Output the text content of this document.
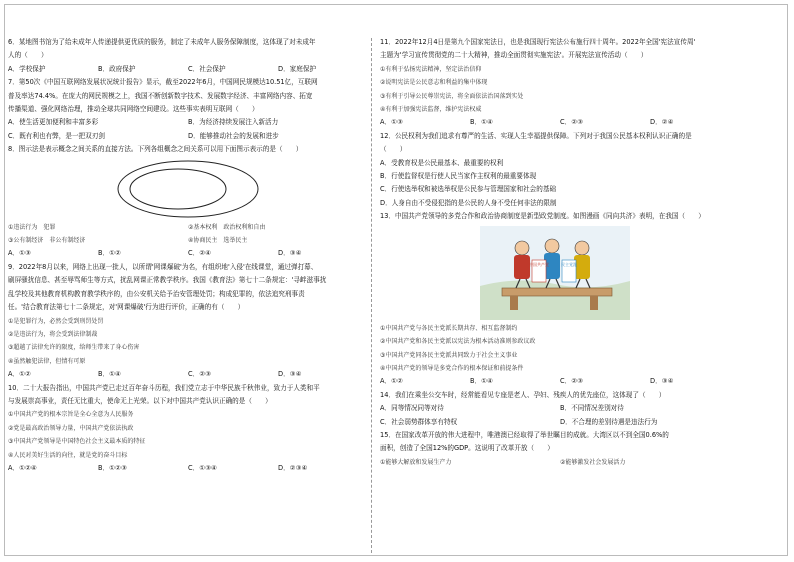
6．某地图书馆为了给未成年人传递提供更优质的服务，制定了未成年人服务保障制度，这体现了对未成年

人的（　　）

A．学校保护	B．政府保护	C．社会保护	D．家庭保护

7．第50次《中国互联网络发展状况统计报告》显示，截至2022年6月，中国网民规模达10.51亿，互联网

普及率达74.4%。在庞大的网民规模之上，我国不断创新数字技术、发展数字经济、丰富网络内容、拓宽

传播渠道、强化网络治理，推动全球共同网络空间建设。这些事实表明互联网（　　）

A．使生活更加便利和丰富多彩	B．为经济持续发展注入新活力
C．既有利也有弊，是一把双刃剑	D．能够推动社会的发展和进步

8．图示法是表示概念之间关系的直接方法。下列各组概念之间关系可以用下面图示表示的是（　　）

①违法行为　犯罪	②基本权利　政治权利和自由
③公有制经济　非公有制经济	④协商民主　选举民主
A．①③	B．①②	C．②④	D．③④

9．2022年8月以来，网络上出现一批人，以所谓'网课爆破'为名，有组织地'入侵'在线课堂，通过弹打幕、

刷屏骚扰信息、甚至辱骂师生等方式，扰乱网课正常教学秩序。我国《教育法》第七十二条规定：'寻衅滋事扰

乱学校及其他教育机构教育教学秩序的，由公安机关给予治安管理处罚；构成犯罪的，依法追究刑事责

任。'结合教育法第七十二条规定，对'网课爆破'行为进行评价，正确的有（　　）

①是犯罪行为，必然会受到刑罚处罚

②是违法行为，将会受到法律制裁

③超越了法律允许的限度，给师生带来了身心伤害

④虽然触犯法律，但情有可原

A．①②	B．①④	C．②③	D．③④

10．二十大报告指出，中国共产党已走过百年奋斗历程，我们党立志于中华民族千秋伟业，致力于人类和平

与发展崇高事业，责任无比重大，使命无上光荣。以下对中国共产党认识正确的是（　　）

①中国共产党的根本宗旨是全心全意为人民服务

②党是最高政治领导力量，中国共产党依法执政

③中国共产党领导是中国特色社会主义最本质的特征

④人民对美好生活的向往，就是党的奋斗目标

A．①②④	B．①②③	C．①③④	D．②③④

11．2022年12月4日是第九个国家宪法日，也是我国现行宪法公布施行四十周年。2022年全国'宪法宣传周'

主题为'学习宣传贯彻党的二十大精神，推动全面贯彻实施宪法'。开展宪法宣传活动（　　）

①有利于弘扬宪法精神，坚定法治信仰

②说明宪法是公民意志和利益的集中体现

③有利于引导公民尊崇宪法，将全面依法治国落到实处

④有利于加强宪法监督，维护宪法权威

A．①③	B．①④	C．②③	D．②④

12．公民权利为我们追求有尊严的生活、实现人生幸福提供保障。下列对于我国公民基本权利认识正确的是

（　　）

A．受教育权是公民最基本、最重要的权利

B．行使监督权是行使人民当家作主权利的最重要体现

C．行使选举权和被选举权是公民参与管理国家和社会的基础

D．人身自由不受侵犯指的是公民的人身不受任何非法的限制

13．中国共产党领导的多党合作和政治协商制度是新型政党制度。如图漫画《同向共济》表明，在我国（　　）

中国共产党	民主党派

①中国共产党与各民主党派长期共存、相互监督制约

②中国共产党和各民主党派以宪法为根本活动准则参政议政

③中国共产党同各民主党派共同致力于社会主义事业

④中国共产党的领导是多党合作的根本保证和前提条件

A．①②	B．①④	C．②③	D．③④

14．我们在乘坐公交车时，经常能看见专座是老人、孕妇、残疾人的优先座位，这体现了（　　）

A．同等情况同等对待	B．不同情况差别对待
C．社会弱势群体享有特权	D．不合理的差别待遇是违法行为

15．在国家改革开放的伟大进程中，唯港澳已经取得了举世瞩目的成就。大湾区以不到全国0.6%的

面积，创造了全国12%的GDP。这说明了改革开放（　　）

①能够大解放和发展生产力	②能够激发社会发展活力
